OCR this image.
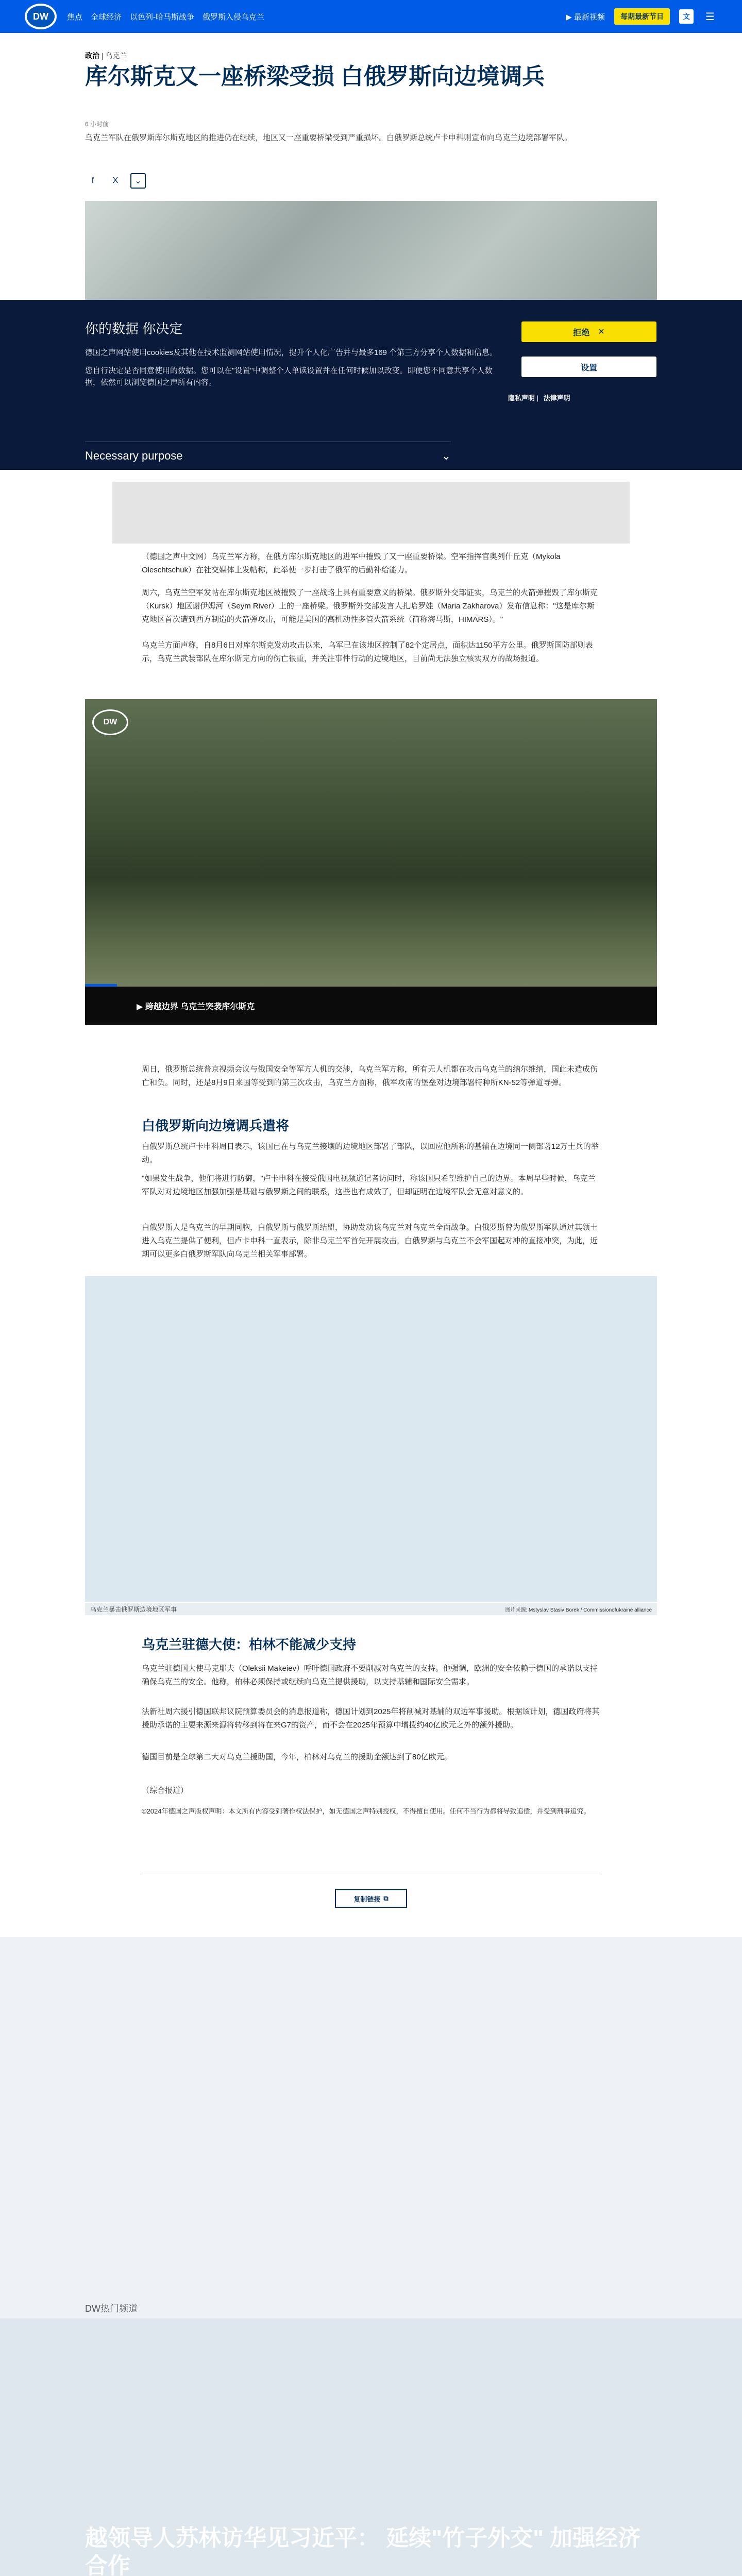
DW	焦点 全球经济 以色列-哈马斯战争 俄罗斯入侵乌克兰	▶ 最新视频	每期最新节目	文	☰
政治 | 乌克兰
库尔斯克又一座桥梁受损 白俄罗斯向边境调兵
6 小时前

乌克兰军队在俄罗斯库尔斯克地区的推进仍在继续，地区又一座重要桥梁受到严重损坏。白俄罗斯总统卢卡申科则宣布向乌克兰边境部署军队。

f	X	⌄
你的数据 你决定

德国之声网站使用cookies及其他在技术监测网站使用情况，提升个人化广告并与最多169 个第三方分享个人数据和信息。

您自行决定是否同意使用的数据。您可以在"设置"中调整个人单读设置并在任何时候加以改变。即便您不同意共享个人数据，依然可以浏览德国之声所有内容。

拒绝 ✕
设置
隐私声明 | 法律声明
Necessary purpose	⌄

（德国之声中文网）乌克兰军方称，在俄方库尔斯克地区的进军中摧毁了又一座重要桥梁。空军指挥官奥列什丘克（Mykola Oleschtschuk）在社交媒体上发帖称，此举使一步打击了俄军的后勤补给能力。

周六，乌克兰空军发帖在库尔斯克地区被摧毁了一座战略上具有重要意义的桥梁。俄罗斯外交部证实，乌克兰的火箭弹摧毁了库尔斯克（Kursk）地区谢伊姆河（Seym River）上的一座桥梁。俄罗斯外交部发言人扎哈罗娃（Maria Zakharova）发布信息称："这是库尔斯克地区首次遭到西方制造的火箭弹攻击，可能是美国的高机动性多管火箭系统（简称海马斯，HIMARS）。"

乌克兰方面声称，自8月6日对库尔斯克发动攻击以来，乌军已在该地区控制了82个定居点，面积达1150平方公里。俄罗斯国防部则表示，乌克兰武装部队在库尔斯克方向的伤亡很重，并关注事件行动的边境地区，目前尚无法独立核实双方的战场报道。

DW
▶ 跨越边界 乌克兰突袭库尔斯克

周日，俄罗斯总统普京视频会议与俄国安全等军方人机的交涉，乌克兰军方称，所有无人机都在攻击乌克兰的纳尔维纳，国此未造成伤亡和负。同时，还是8月9日来国等受到的第三次攻击，乌克兰方面称，俄军攻南的堡垒对边境部署特种所KN-52等弹道导弹。

白俄罗斯向边境调兵遣将

白俄罗斯总统卢卡申科周日表示，该国已在与乌克兰接壤的边境地区部署了部队，以回应他所称的基辅在边境同一侧部署12万士兵的举动。

"如果发生战争，他们将进行防御，"卢卡申科在接受俄国电视频道记者访问时，称该国只希望维护自己的边界。本周早些时候，乌克兰军队对对边境地区加强加强是基础与俄罗斯之间的联系，这些也有成效了，但却证明在边境军队会无意对意义的。

白俄罗斯人是乌克兰的早期同胞，白俄罗斯与俄罗斯结盟，协助发动该乌克兰对乌克兰全面战争。白俄罗斯曾为俄罗斯军队通过其领土进入乌克兰提供了便利，但卢卡申科一直表示，除非乌克兰军首先开展攻击，白俄罗斯与乌克兰不会军国起对冲的直接冲突，为此，近期可以更多白俄罗斯军队向乌克兰相关军事部署。

乌克兰暴击俄罗斯边境地区军事	图片来源: Mstyslav Stasiv Borek / Commissionofukraine alliance
乌克兰驻德大使：柏林不能减少支持

乌克兰驻德国大使马克耶夫（Oleksii Makeiev）呼吁德国政府不要削减对乌克兰的支持。他强调，欧洲的安全依赖于德国的承诺以支持确保乌克兰的安全。他称，柏林必须保持或继续向乌克兰提供援助，以支持基辅和国际安全需求。

法新社周六援引德国联邦议院预算委员会的消息报道称，德国计划到2025年将削减对基辅的双边军事援助。根据该计划，德国政府将其援助承诺的主要来源来源将转移到将在来G7的资产，而不会在2025年预算中增拨约40亿欧元之外的额外援助。

德国目前是全球第二大对乌克兰援助国，今年，柏林对乌克兰的援助金额达到了80亿欧元。

（综合报道）

©2024年德国之声版权声明：本文所有内容受到著作权法保护，如无德国之声特别授权，不得擅自使用。任何不当行为都将导致追偿，并受到刑事追究。

复制链接 ⧉
DW热门频道
越领导人苏林访华见习近平： 延续"竹子外交" 加强经济合作
